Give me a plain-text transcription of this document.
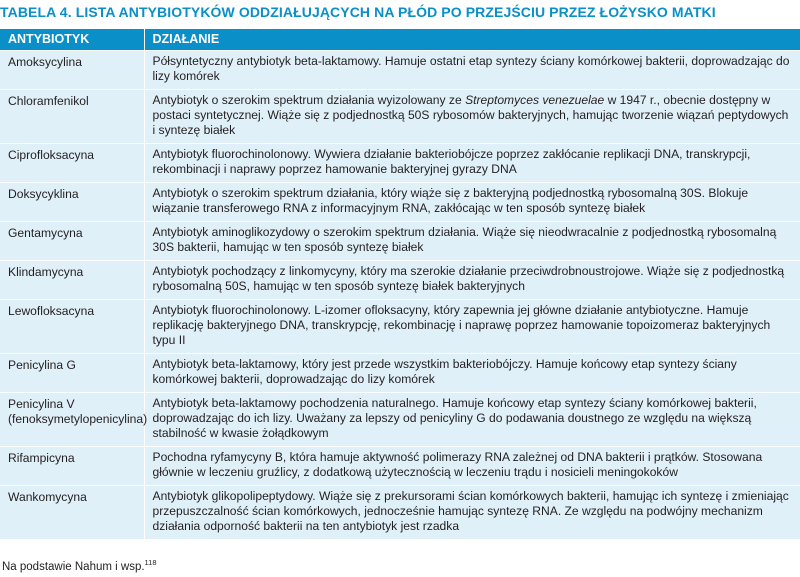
TABELA 4. LISTA ANTYBIOTYKÓW ODDZIAŁUJĄCYCH NA PŁÓD PO PRZEJŚCIU PRZEZ ŁOŻYSKO MATKI
ANTYBIOTYK	DZIAŁANIE
Amoksycylina	Półsyntetyczny antybiotyk beta-laktamowy. Hamuje ostatni etap syntezy ściany komórkowej bakterii, doprowadzając do lizy komórek
Chloramfenikol	Antybiotyk o szerokim spektrum działania wyizolowany ze Streptomyces venezuelae w 1947 r., obecnie dostępny w postaci syntetycznej. Wiąże się z podjednostką 50S rybosomów bakteryjnych, hamując tworzenie wiązań peptydowych i syntezę białek
Ciprofloksacyna	Antybiotyk fluorochinolonowy. Wywiera działanie bakteriobójcze poprzez zakłócanie replikacji DNA, transkrypcji, rekombinacji i naprawy poprzez hamowanie bakteryjnej gyrazy DNA
Doksycyklina	Antybiotyk o szerokim spektrum działania, który wiąże się z bakteryjną podjednostką rybosomalną 30S. Blokuje wiązanie transferowego RNA z informacyjnym RNA, zakłócając w ten sposób syntezę białek
Gentamycyna	Antybiotyk aminoglikozydowy o szerokim spektrum działania. Wiąże się nieodwracalnie z podjednostką rybosomalną 30S bakterii, hamując w ten sposób syntezę białek
Klindamycyna	Antybiotyk pochodzący z linkomycyny, który ma szerokie działanie przeciwdrobnoustrojowe. Wiąże się z podjednostką rybosomalną 50S, hamując w ten sposób syntezę białek bakteryjnych
Lewofloksacyna	Antybiotyk fluorochinolonowy. L-izomer ofloksacyny, który zapewnia jej główne działanie antybiotyczne. Hamuje replikację bakteryjnego DNA, transkrypcję, rekombinację i naprawę poprzez hamowanie topoizomeraz bakteryjnych typu II
Penicylina G	Antybiotyk beta-laktamowy, który jest przede wszystkim bakteriobójczy. Hamuje końcowy etap syntezy ściany komórkowej bakterii, doprowadzając do lizy komórek
Penicylina V (fenoksymetylopenicylina)	Antybiotyk beta-laktamowy pochodzenia naturalnego. Hamuje końcowy etap syntezy ściany komórkowej bakterii, doprowadzając do ich lizy. Uważany za lepszy od penicyliny G do podawania doustnego ze względu na większą stabilność w kwasie żołądkowym
Rifampicyna	Pochodna ryfamycyny B, która hamuje aktywność polimerazy RNA zależnej od DNA bakterii i prątków. Stosowana głównie w leczeniu gruźlicy, z dodatkową użytecznością w leczeniu trądu i nosicieli meningokoków
Wankomycyna	Antybiotyk glikopolipeptydowy. Wiąże się z prekursorami ścian komórkowych bakterii, hamując ich syntezę i zmieniając przepuszczalność ścian komórkowych, jednocześnie hamując syntezę RNA. Ze względu na podwójny mechanizm działania odporność bakterii na ten antybiotyk jest rzadka
Na podstawie Nahum i wsp.$^{118}$
